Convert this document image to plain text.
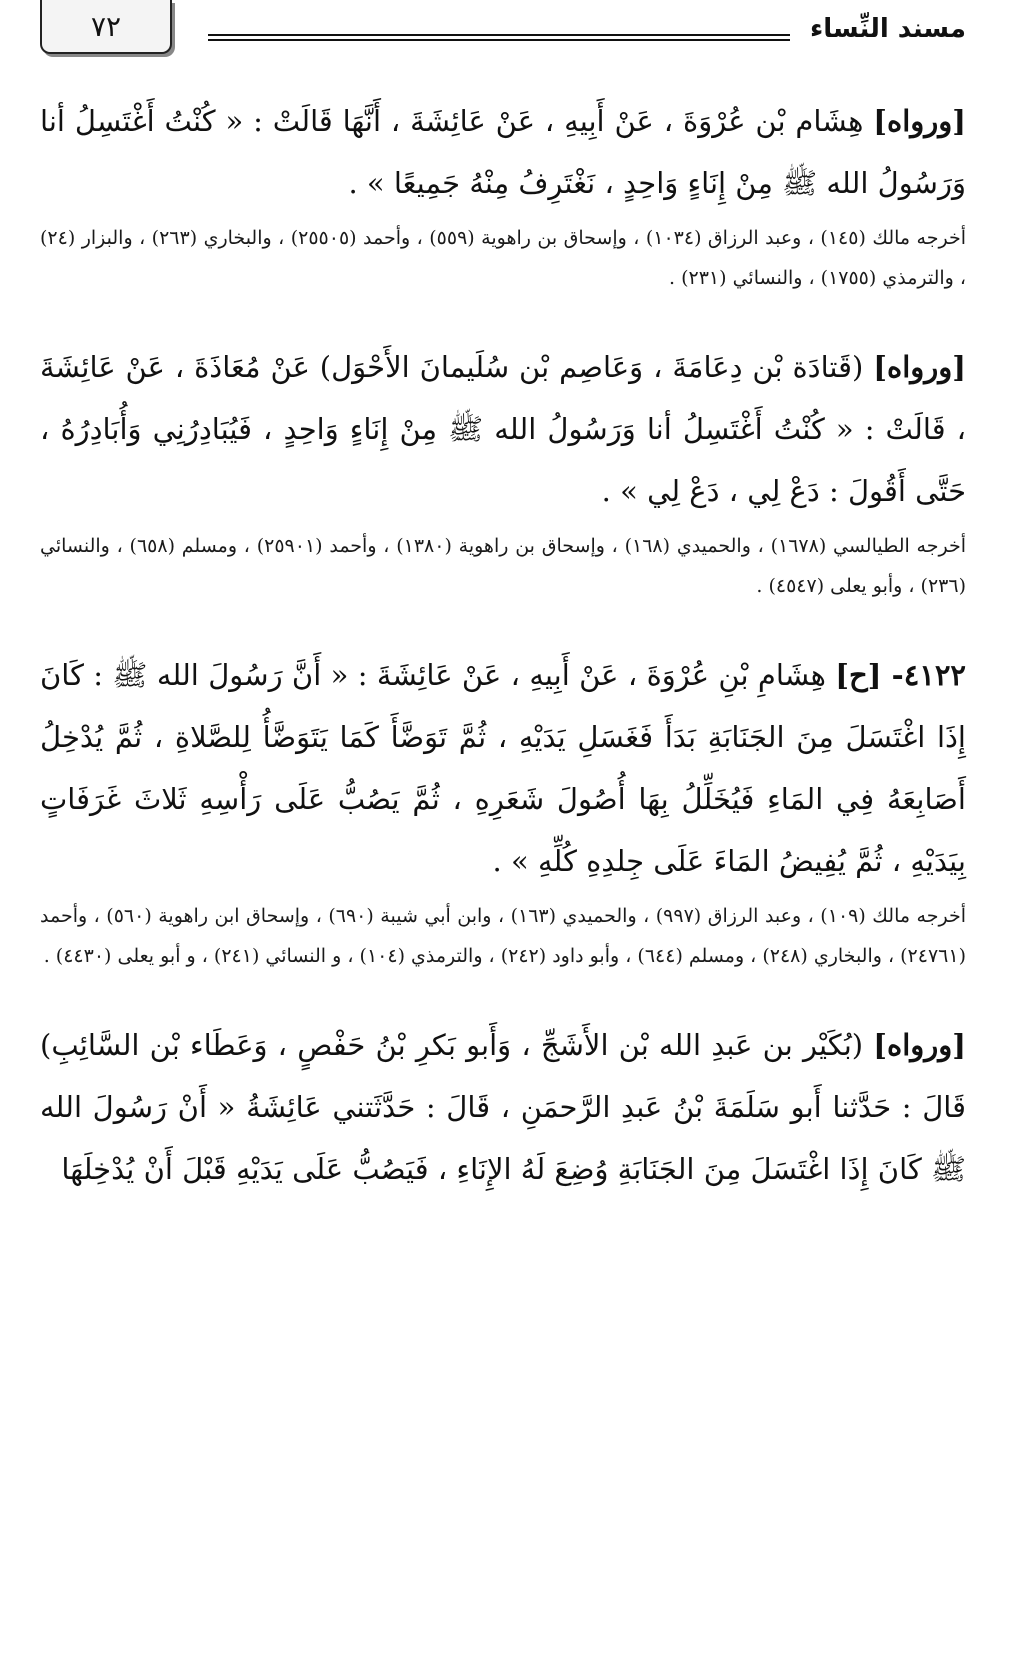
مسند النِّساء
٧٢

[ورواه] هِشَام بْن عُرْوَةَ ، عَنْ أَبِيهِ ، عَنْ عَائِشَةَ ، أَنَّهَا قَالَتْ : « كُنْتُ أَغْتَسِلُ أنا وَرَسُولُ الله ﷺ مِنْ إِنَاءٍ وَاحِدٍ ، نَغْتَرِفُ مِنْهُ جَمِيعًا » .

أخرجه مالك (١٤٥) ، وعبد الرزاق (١٠٣٤) ، وإسحاق بن راهوية (٥٥٩) ، وأحمد (٢٥٥٠٥) ، والبخاري (٢٦٣) ، والبزار (٢٤) ، والترمذي (١٧٥٥) ، والنسائي (٢٣١) .

[ورواه] (قَتادَة بْن دِعَامَةَ ، وَعَاصِم بْن سُلَيمانَ الأَحْوَل) عَنْ مُعَاذَةَ ، عَنْ عَائِشَةَ ، قَالَتْ : « كُنْتُ أَغْتَسِلُ أنا وَرَسُولُ الله ﷺ مِنْ إِنَاءٍ وَاحِدٍ ، فَيُبَادِرُنِي وَأُبَادِرُهُ ، حَتَّى أَقُولَ : دَعْ لِي ، دَعْ لِي » .

أخرجه الطيالسي (١٦٧٨) ، والحميدي (١٦٨) ، وإسحاق بن راهوية (١٣٨٠) ، وأحمد (٢٥٩٠١) ، ومسلم (٦٥٨) ، والنسائي (٢٣٦) ، وأبو يعلى (٤٥٤٧) .

٤١٢٢- [ح] هِشَامِ بْنِ عُرْوَةَ ، عَنْ أَبِيهِ ، عَنْ عَائِشَةَ : « أَنَّ رَسُولَ الله ﷺ : كَانَ إِذَا اغْتَسَلَ مِنَ الجَنَابَةِ بَدَأَ فَغَسَلِ يَدَيْهِ ، ثُمَّ تَوَضَّأَ كَمَا يَتَوَضَّأُ لِلصَّلاةِ ، ثُمَّ يُدْخِلُ أَصَابِعَهُ فِي المَاءِ فَيُخَلِّلُ بِهَا أُصُولَ شَعَرِهِ ، ثُمَّ يَصُبُّ عَلَى رَأْسِهِ ثَلاثَ غَرَفَاتٍ بِيَدَيْهِ ، ثُمَّ يُفِيضُ المَاءَ عَلَى جِلدِهِ كُلِّهِ » .

أخرجه مالك (١٠٩) ، وعبد الرزاق (٩٩٧) ، والحميدي (١٦٣) ، وابن أبي شيبة (٦٩٠) ، وإسحاق ابن راهوية (٥٦٠) ، وأحمد (٢٤٧٦١) ، والبخاري (٢٤٨) ، ومسلم (٦٤٤) ، وأبو داود (٢٤٢) ، والترمذي (١٠٤) ، و النسائي (٢٤١) ، و أبو يعلى (٤٤٣٠) .

[ورواه] (بُكَيْر بن عَبدِ الله بْن الأَشَجِّ ، وَأَبو بَكرِ بْنُ حَفْصٍ ، وَعَطَاء بْن السَّائِبِ) قَالَ : حَدَّثنا أَبو سَلَمَةَ بْنُ عَبدِ الرَّحمَنِ ، قَالَ : حَدَّثَتني عَائِشَةُ « أَنْ رَسُولَ الله ﷺ كَانَ إِذَا اغْتَسَلَ مِنَ الجَنَابَةِ وُضِعَ لَهُ الإِنَاءِ ، فَيَصُبُّ عَلَى يَدَيْهِ قَبْلَ أَنْ يُدْخِلَهَا
